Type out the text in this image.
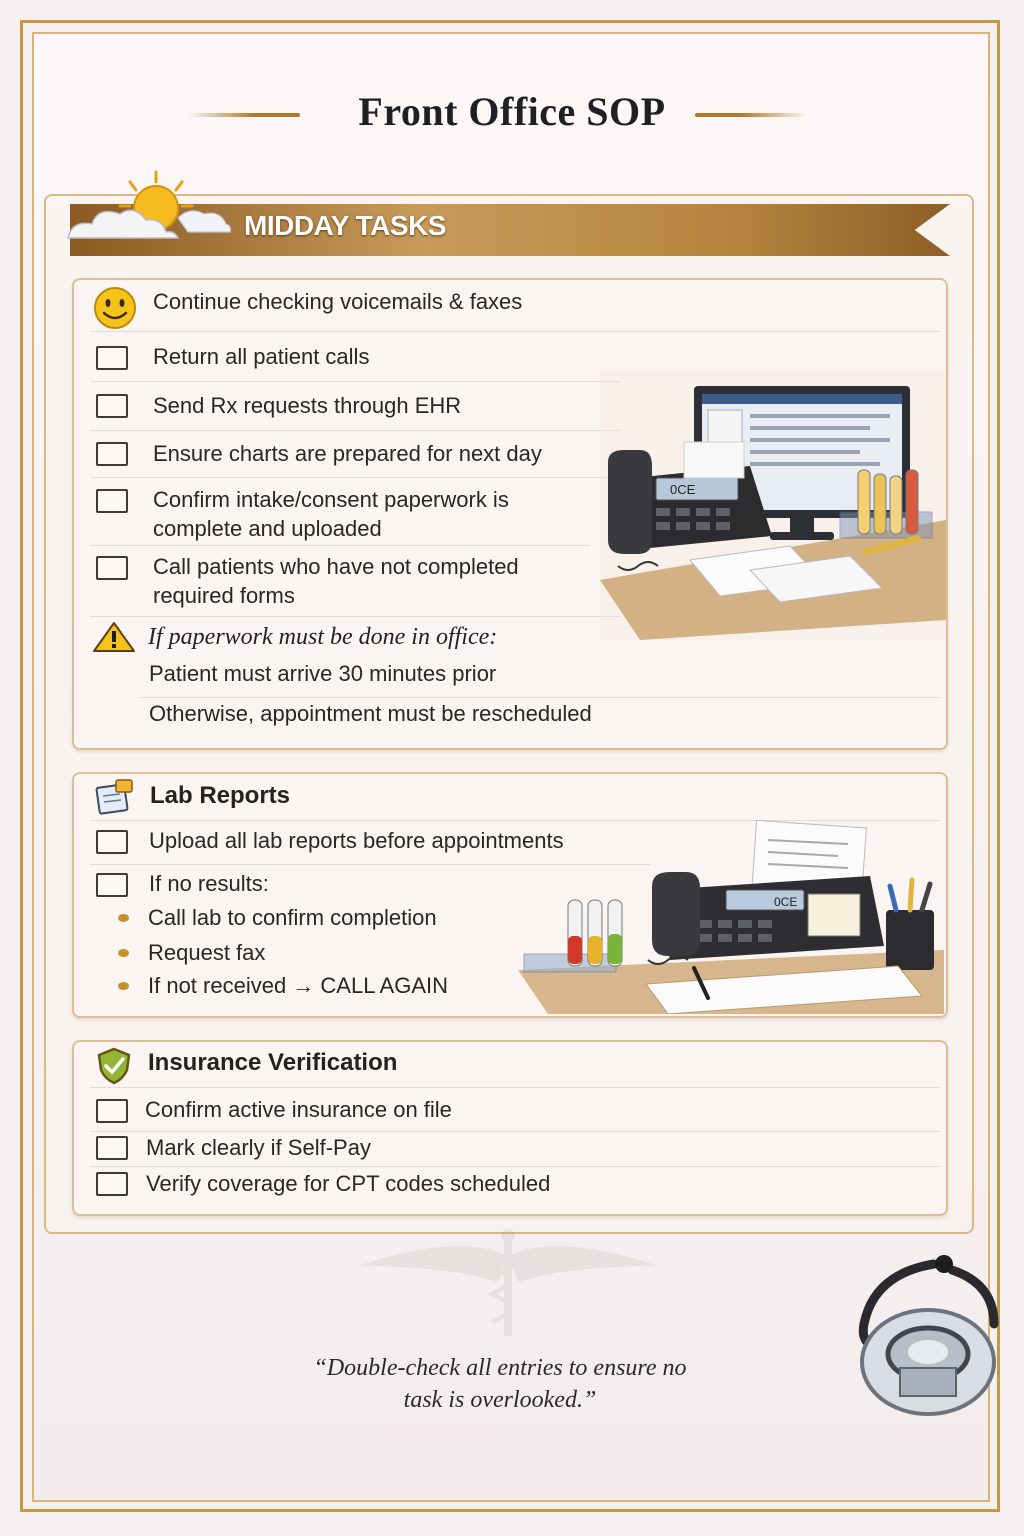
Front Office SOP
MIDDAY TASKS
Continue checking voicemails & faxes
Return all patient calls
Send Rx requests through EHR
Ensure charts are prepared for next day
Confirm intake/consent paperwork is complete and uploaded
Call patients who have not completed required forms
If paperwork must be done in office:
Patient must arrive 30 minutes prior
Otherwise, appointment must be rescheduled
0CE
Lab Reports
Upload all lab reports before appointments
If no results:
Call lab to confirm completion
Request fax
If not received → CALL AGAIN
0CE
Insurance Verification
Confirm active insurance on file
Mark clearly if Self-Pay
Verify coverage for CPT codes scheduled
“Double-check all entries to ensure no
task is overlooked.”
